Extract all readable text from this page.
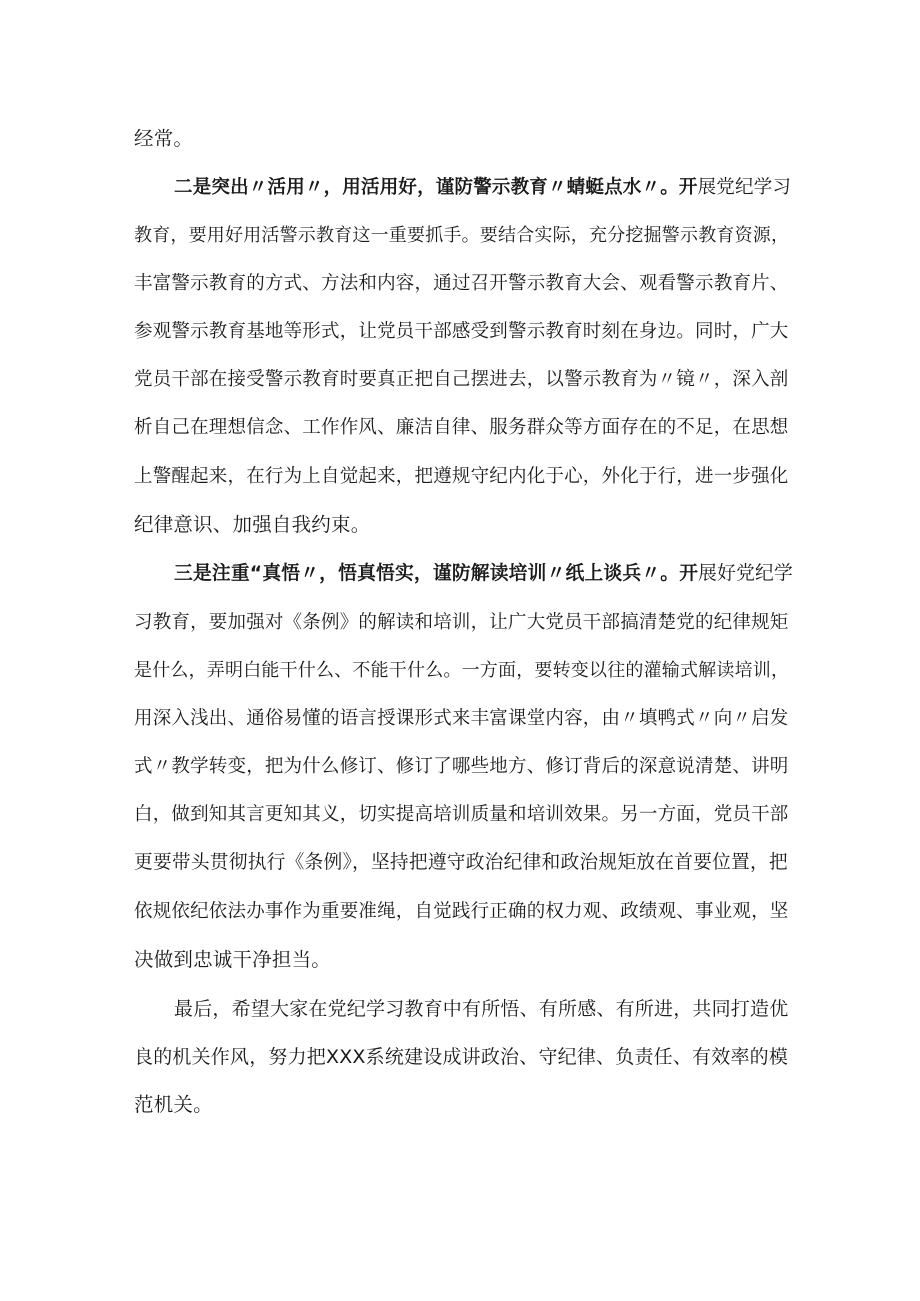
经常。
二是突出〃活用〃，用活用好，谨防警示教育〃蜻蜓点水〃。开展党纪学习
教育，要用好用活警示教育这一重要抓手。要结合实际，充分挖掘警示教育资源，
丰富警示教育的方式、方法和内容，通过召开警示教育大会、观看警示教育片、
参观警示教育基地等形式，让党员干部感受到警示教育时刻在身边。同时，广大
党员干部在接受警示教育时要真正把自己摆进去，以警示教育为〃镜〃，深入剖
析自己在理想信念、工作作风、廉洁自律、服务群众等方面存在的不足，在思想
上警醒起来，在行为上自觉起来，把遵规守纪内化于心，外化于行，进一步强化
纪律意识、加强自我约束。
三是注重“真悟〃，悟真悟实，谨防解读培训〃纸上谈兵〃。开展好党纪学
习教育，要加强对《条例》的解读和培训，让广大党员干部搞清楚党的纪律规矩
是什么，弄明白能干什么、不能干什么。一方面，要转变以往的灌输式解读培训，
用深入浅出、通俗易懂的语言授课形式来丰富课堂内容，由〃填鸭式〃向〃启发
式〃教学转变，把为什么修订、修订了哪些地方、修订背后的深意说清楚、讲明
白，做到知其言更知其义，切实提高培训质量和培训效果。另一方面，党员干部
更要带头贯彻执行《条例》，坚持把遵守政治纪律和政治规矩放在首要位置，把
依规依纪依法办事作为重要准绳，自觉践行正确的权力观、政绩观、事业观，坚
决做到忠诚干净担当。
最后，希望大家在党纪学习教育中有所悟、有所感、有所进，共同打造优
良的机关作风，努力把XXX系统建设成讲政治、守纪律、负责任、有效率的模
范机关。
